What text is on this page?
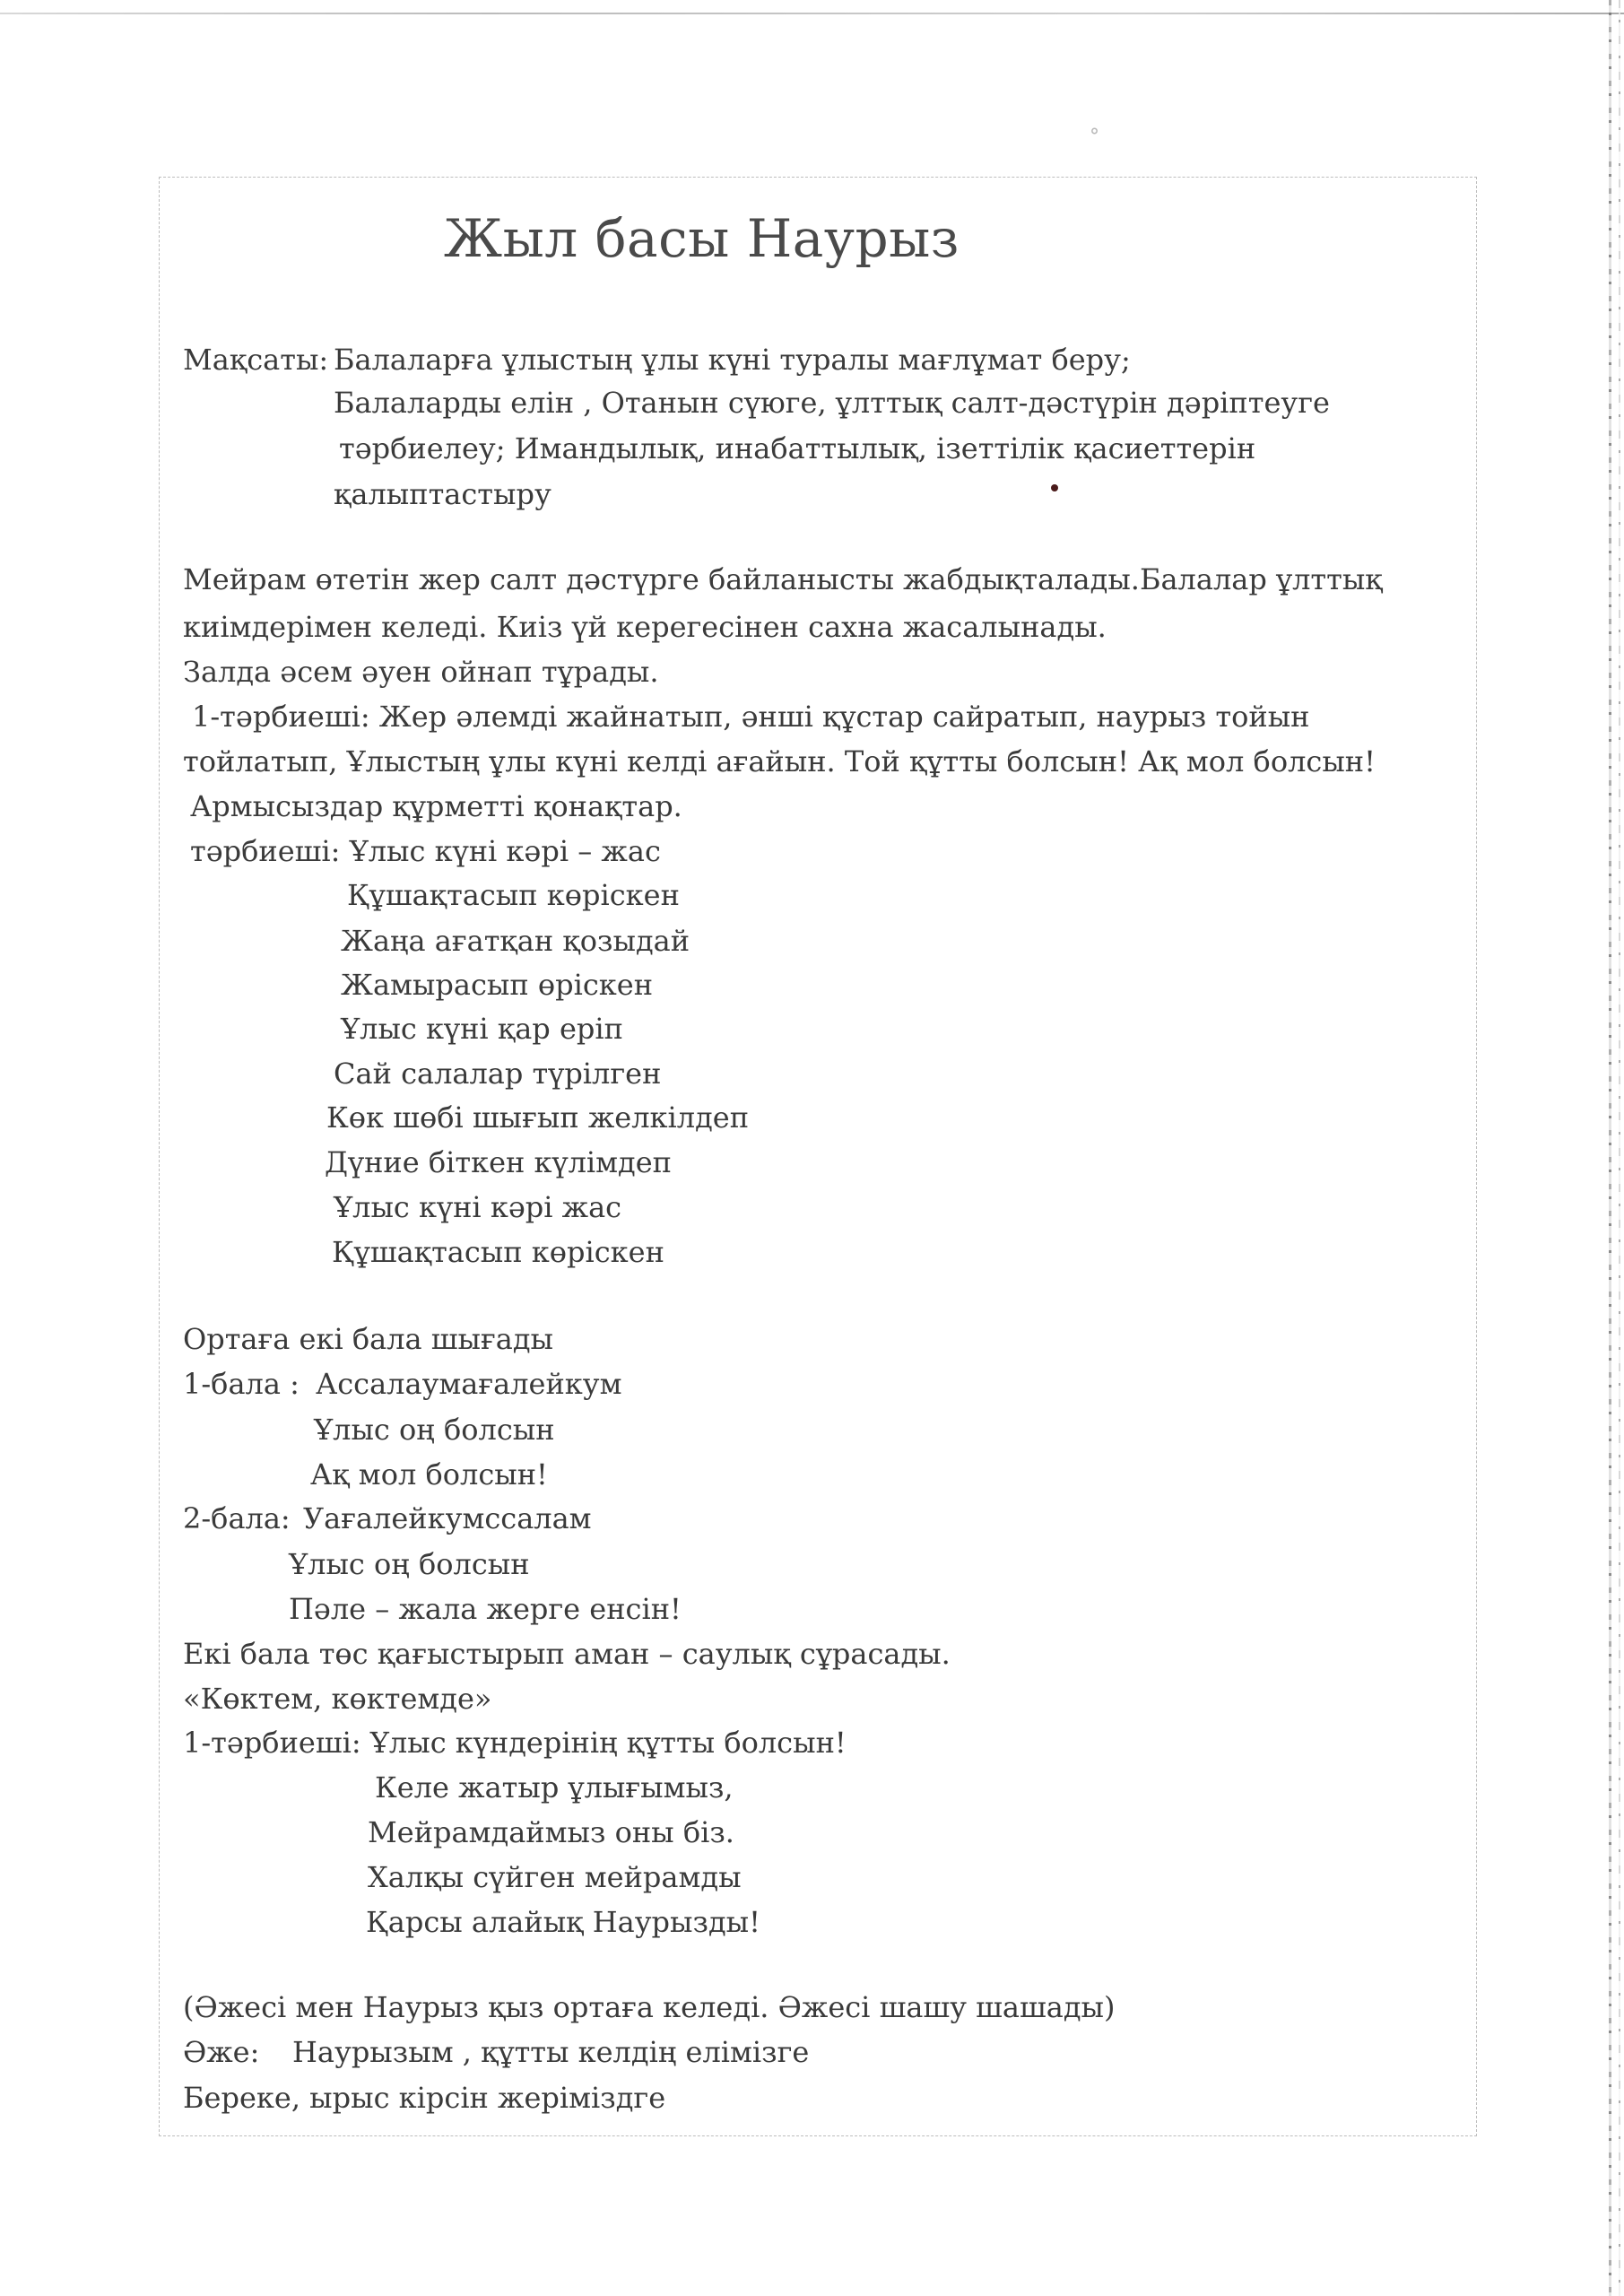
°
Жыл басы Наурыз
Мақсаты: Балаларға ұлыстың ұлы күні туралы мағлұмат беру;
Балаларды елін , Отанын сүюге, ұлттық салт-дәстүрін дәріптеуге
тәрбиелеу; Имандылық, инабаттылық, ізеттілік қасиеттерін
қалыптастыру
Мейрам өтетін жер салт дәстүрге байланысты жабдықталады.Балалар ұлттық
киімдерімен келеді. Киіз үй керегесінен сахна жасалынады.
Залда әсем әуен ойнап тұрады.
1-тәрбиеші: Жер әлемді жайнатып, әнші құстар сайратып, наурыз тойын
тойлатып, Ұлыстың ұлы күні келді ағайын. Той құтты болсын! Ақ мол болсын!
Армысыздар құрметті қонақтар.
тәрбиеші: Ұлыс күні кәрі – жас
Құшақтасып көріскен
Жаңа ағатқан қозыдай
Жамырасып өріскен
Ұлыс күні қар еріп
Сай салалар түрілген
Көк шөбі шығып желкілдеп
Дүние біткен күлімдеп
Ұлыс күні кәрі жас
Құшақтасып көріскен
Ортаға екі бала шығады
1-бала : Ассалаумағалейкум
Ұлыс оң болсын
Ақ мол болсын!
2-бала: Уағалейкумссалам
Ұлыс оң болсын
Пәле – жала жерге енсін!
Екі бала төс қағыстырып аман – саулық сұрасады.
«Көктем, көктемде»
1-тәрбиеші: Ұлыс күндерінің құтты болсын!
Келе жатыр ұлығымыз,
Мейрамдаймыз оны біз.
Халқы сүйген мейрамды
Қарсы алайық Наурызды!
(Әжесі мен Наурыз қыз ортаға келеді. Әжесі шашу шашады)
Әже: Наурызым , құтты келдің елімізге
Береке, ырыс кірсін жеріміздге
